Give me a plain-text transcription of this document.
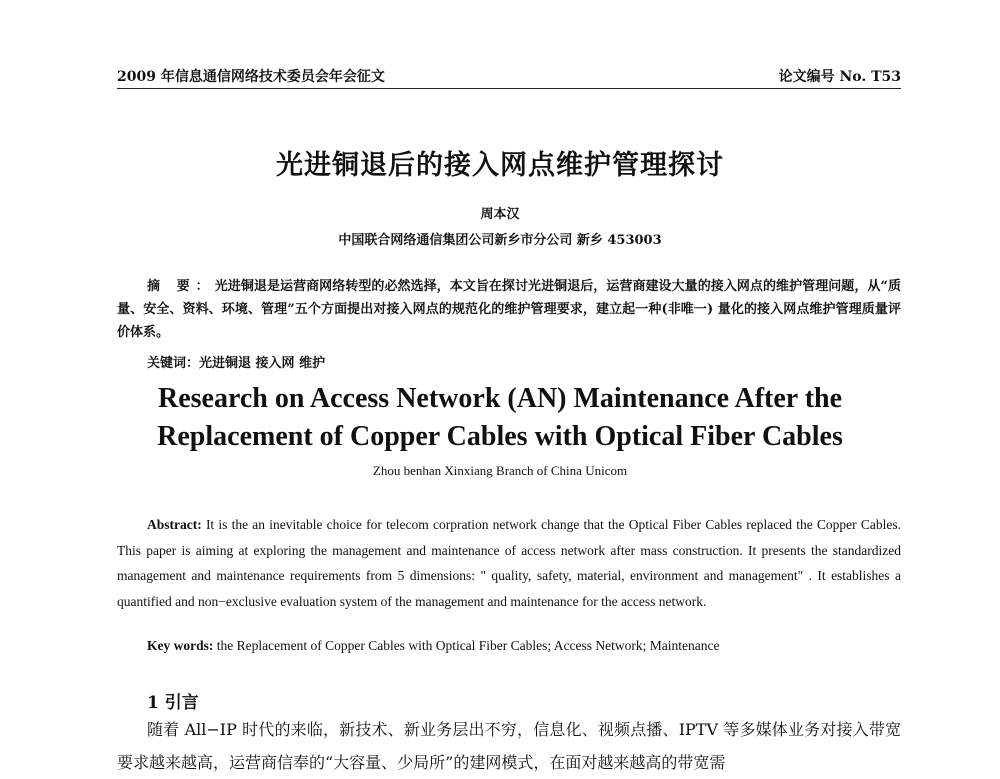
2009 年信息通信网络技术委员会年会征文	论文编号 No. T53
光进铜退后的接入网点维护管理探讨
周本汉
中国联合网络通信集团公司新乡市分公司 新乡 453003
摘 要：光进铜退是运营商网络转型的必然选择，本文旨在探讨光进铜退后，运营商建设大量的接入网点的维护管理问题，从“质量、安全、资料、环境、管理”五个方面提出对接入网点的规范化的维护管理要求，建立起一种(非唯一) 量化的接入网点维护管理质量评价体系。
关键词：光进铜退 接入网 维护
Research on Access Network (AN) Maintenance After the
Replacement of Copper Cables with Optical Fiber Cables
Zhou benhan Xinxiang Branch of China Unicom
Abstract: It is the an inevitable choice for telecom corpration network change that the Optical Fiber Cables replaced the Copper Cables. This paper is aiming at exploring the management and maintenance of access network after mass construction. It presents the standardized management and maintenance requirements from 5 dimensions: " quality, safety, material, environment and management" . It establishes a quantified and non−exclusive evaluation system of the management and maintenance for the access network.
Key words: the Replacement of Copper Cables with Optical Fiber Cables; Access Network; Maintenance
1 引言
随着 All−IP 时代的来临，新技术、新业务层出不穷，信息化、视频点播、IPTV 等多媒体业务对接入带宽要求越来越高，运营商信奉的“大容量、少局所”的建网模式，在面对越来越高的带宽需
